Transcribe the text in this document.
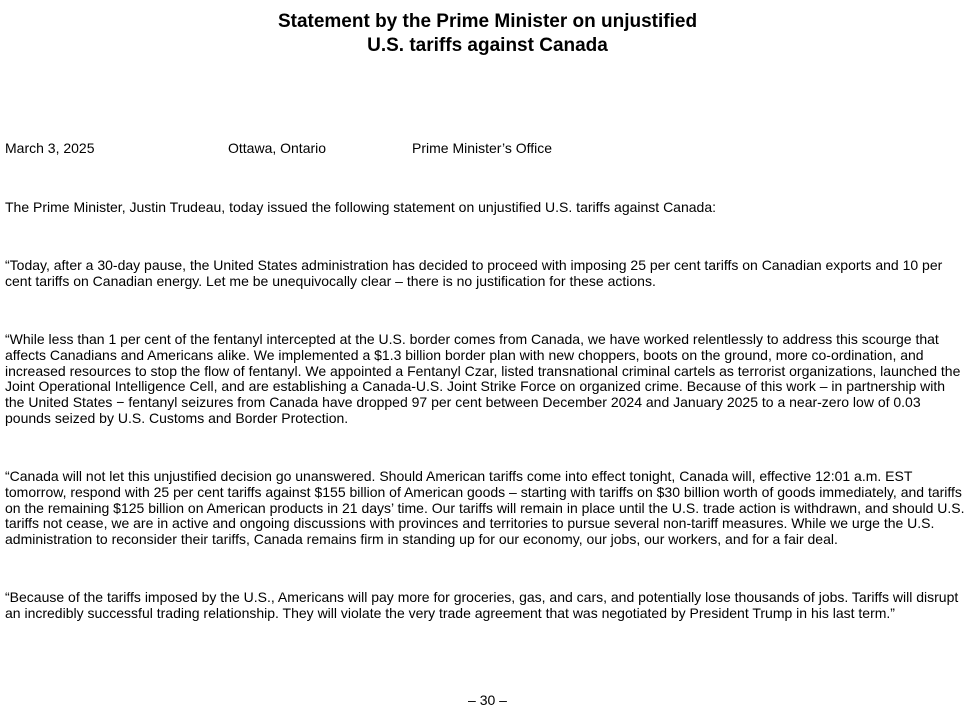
Statement by the Prime Minister on unjustified
U.S. tariffs against Canada
March 3, 2025	Ottawa, Ontario	Prime Minister’s Office

The Prime Minister, Justin Trudeau, today issued the following statement on unjustified U.S. tariffs against Canada:

“Today, after a 30-day pause, the United States administration has decided to proceed with imposing 25 per cent tariffs on Canadian exports and 10 per cent tariffs on Canadian energy. Let me be unequivocally clear – there is no justification for these actions.

“While less than 1 per cent of the fentanyl intercepted at the U.S. border comes from Canada, we have worked relentlessly to address this scourge that affects Canadians and Americans alike. We implemented a $1.3 billion border plan with new choppers, boots on the ground, more co-ordination, and increased resources to stop the flow of fentanyl. We appointed a Fentanyl Czar, listed transnational criminal cartels as terrorist organizations, launched the Joint Operational Intelligence Cell, and are establishing a Canada-U.S. Joint Strike Force on organized crime. Because of this work – in partnership with the United States − fentanyl seizures from Canada have dropped 97 per cent between December 2024 and January 2025 to a near-zero low of 0.03 pounds seized by U.S. Customs and Border Protection.

“Canada will not let this unjustified decision go unanswered. Should American tariffs come into effect tonight, Canada will, effective 12:01 a.m. EST tomorrow, respond with 25 per cent tariffs against $155 billion of American goods – starting with tariffs on $30 billion worth of goods immediately, and tariffs on the remaining $125 billion on American products in 21 days’ time. Our tariffs will remain in place until the U.S. trade action is withdrawn, and should U.S. tariffs not cease, we are in active and ongoing discussions with provinces and territories to pursue several non-tariff measures. While we urge the U.S. administration to reconsider their tariffs, Canada remains firm in standing up for our economy, our jobs, our workers, and for a fair deal.

“Because of the tariffs imposed by the U.S., Americans will pay more for groceries, gas, and cars, and potentially lose thousands of jobs. Tariffs will disrupt an incredibly successful trading relationship. They will violate the very trade agreement that was negotiated by President Trump in his last term.”

– 30 –
